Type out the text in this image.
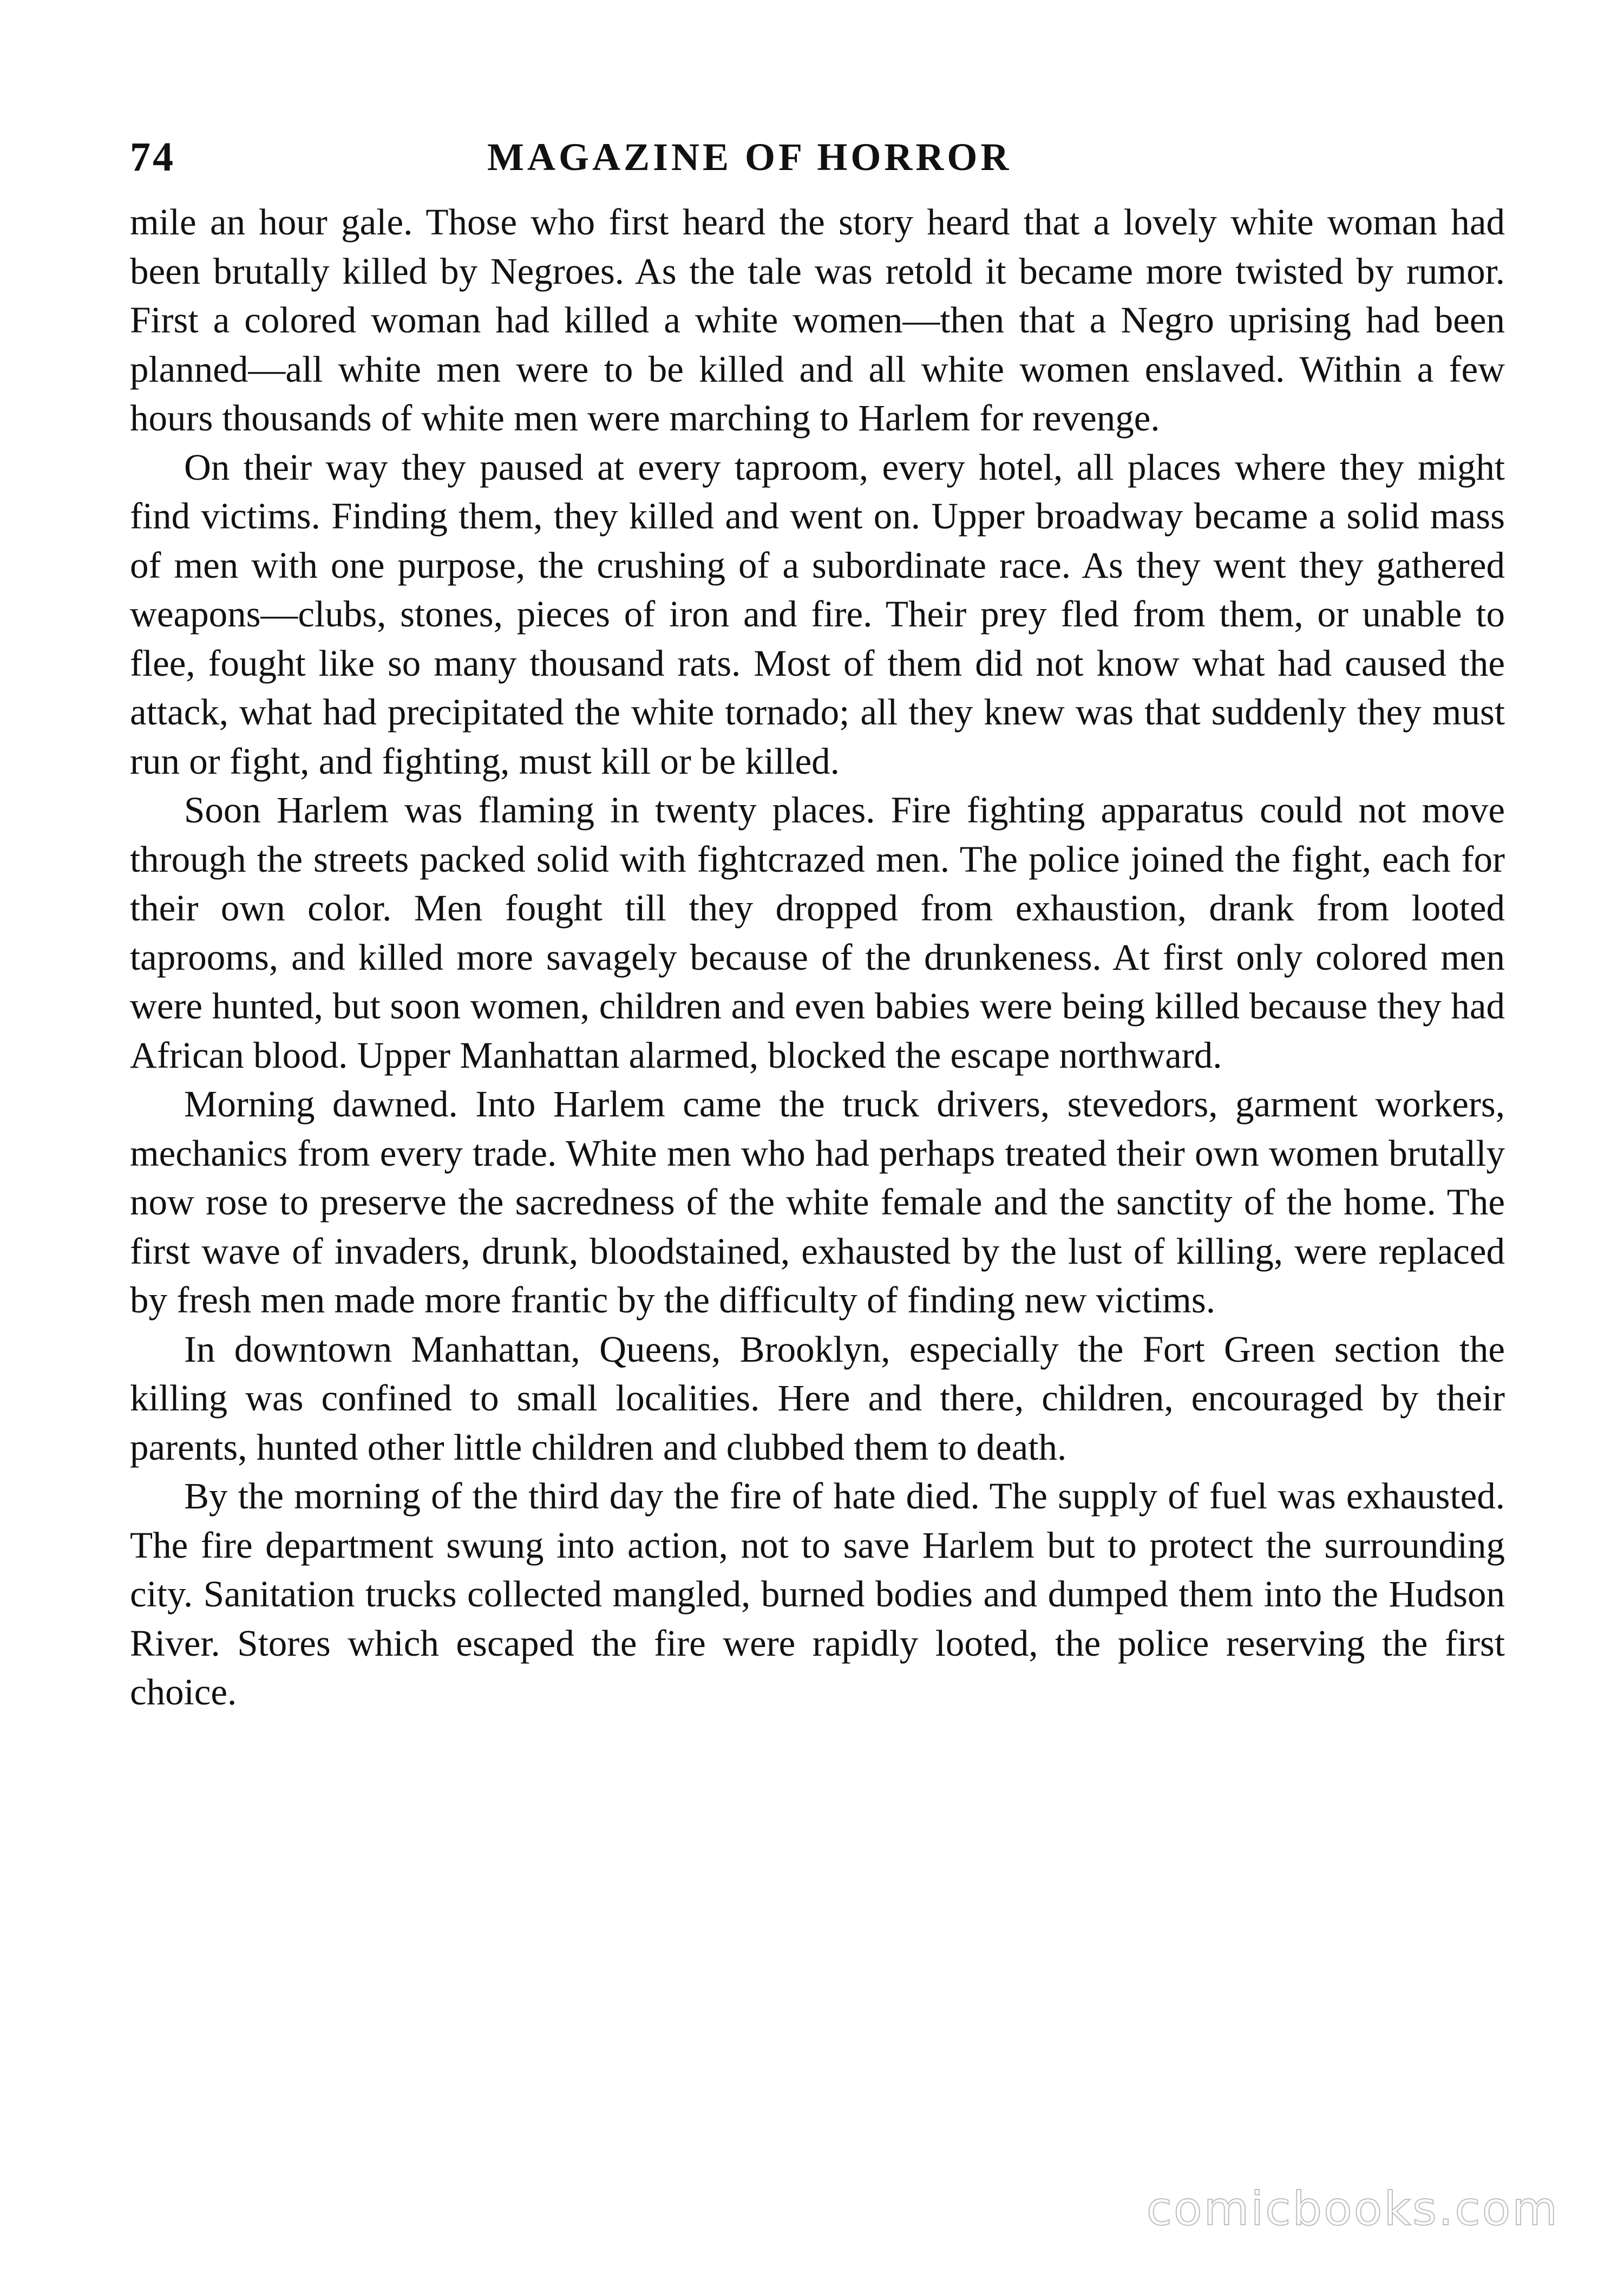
74	MAGAZINE OF HORROR

mile an hour gale. Those who first heard the story heard that a lovely white woman had been brutally killed by Negroes. As the tale was retold it became more twisted by rumor. First a colored woman had killed a white women—then that a Negro uprising had been planned—all white men were to be killed and all white women enslaved. Within a few hours thousands of white men were marching to Harlem for revenge.

On their way they paused at every taproom, every hotel, all places where they might find victims. Finding them, they killed and went on. Upper broadway became a solid mass of men with one purpose, the crushing of a subordinate race. As they went they gathered weapons—clubs, stones, pieces of iron and fire. Their prey fled from them, or unable to flee, fought like so many thousand rats. Most of them did not know what had caused the attack, what had precipitated the white tornado; all they knew was that suddenly they must run or fight, and fighting, must kill or be killed.

Soon Harlem was flaming in twenty places. Fire fighting apparatus could not move through the streets packed solid with fightcrazed men. The police joined the fight, each for their own color. Men fought till they dropped from exhaustion, drank from looted taprooms, and killed more savagely because of the drunkeness. At first only colored men were hunted, but soon women, children and even babies were being killed because they had African blood. Upper Manhattan alarmed, blocked the escape northward.

Morning dawned. Into Harlem came the truck drivers, stevedors, garment workers, mechanics from every trade. White men who had perhaps treated their own women brutally now rose to preserve the sacredness of the white female and the sanctity of the home. The first wave of invaders, drunk, bloodstained, exhausted by the lust of killing, were replaced by fresh men made more frantic by the difficulty of finding new victims.

In downtown Manhattan, Queens, Brooklyn, especially the Fort Green section the killing was confined to small localities. Here and there, children, encouraged by their parents, hunted other little children and clubbed them to death.

By the morning of the third day the fire of hate died. The supply of fuel was exhausted. The fire department swung into action, not to save Harlem but to protect the surrounding city. Sanitation trucks collected mangled, burned bodies and dumped them into the Hudson River. Stores which escaped the fire were rapidly looted, the police reserving the first choice.

comicbooks.com
